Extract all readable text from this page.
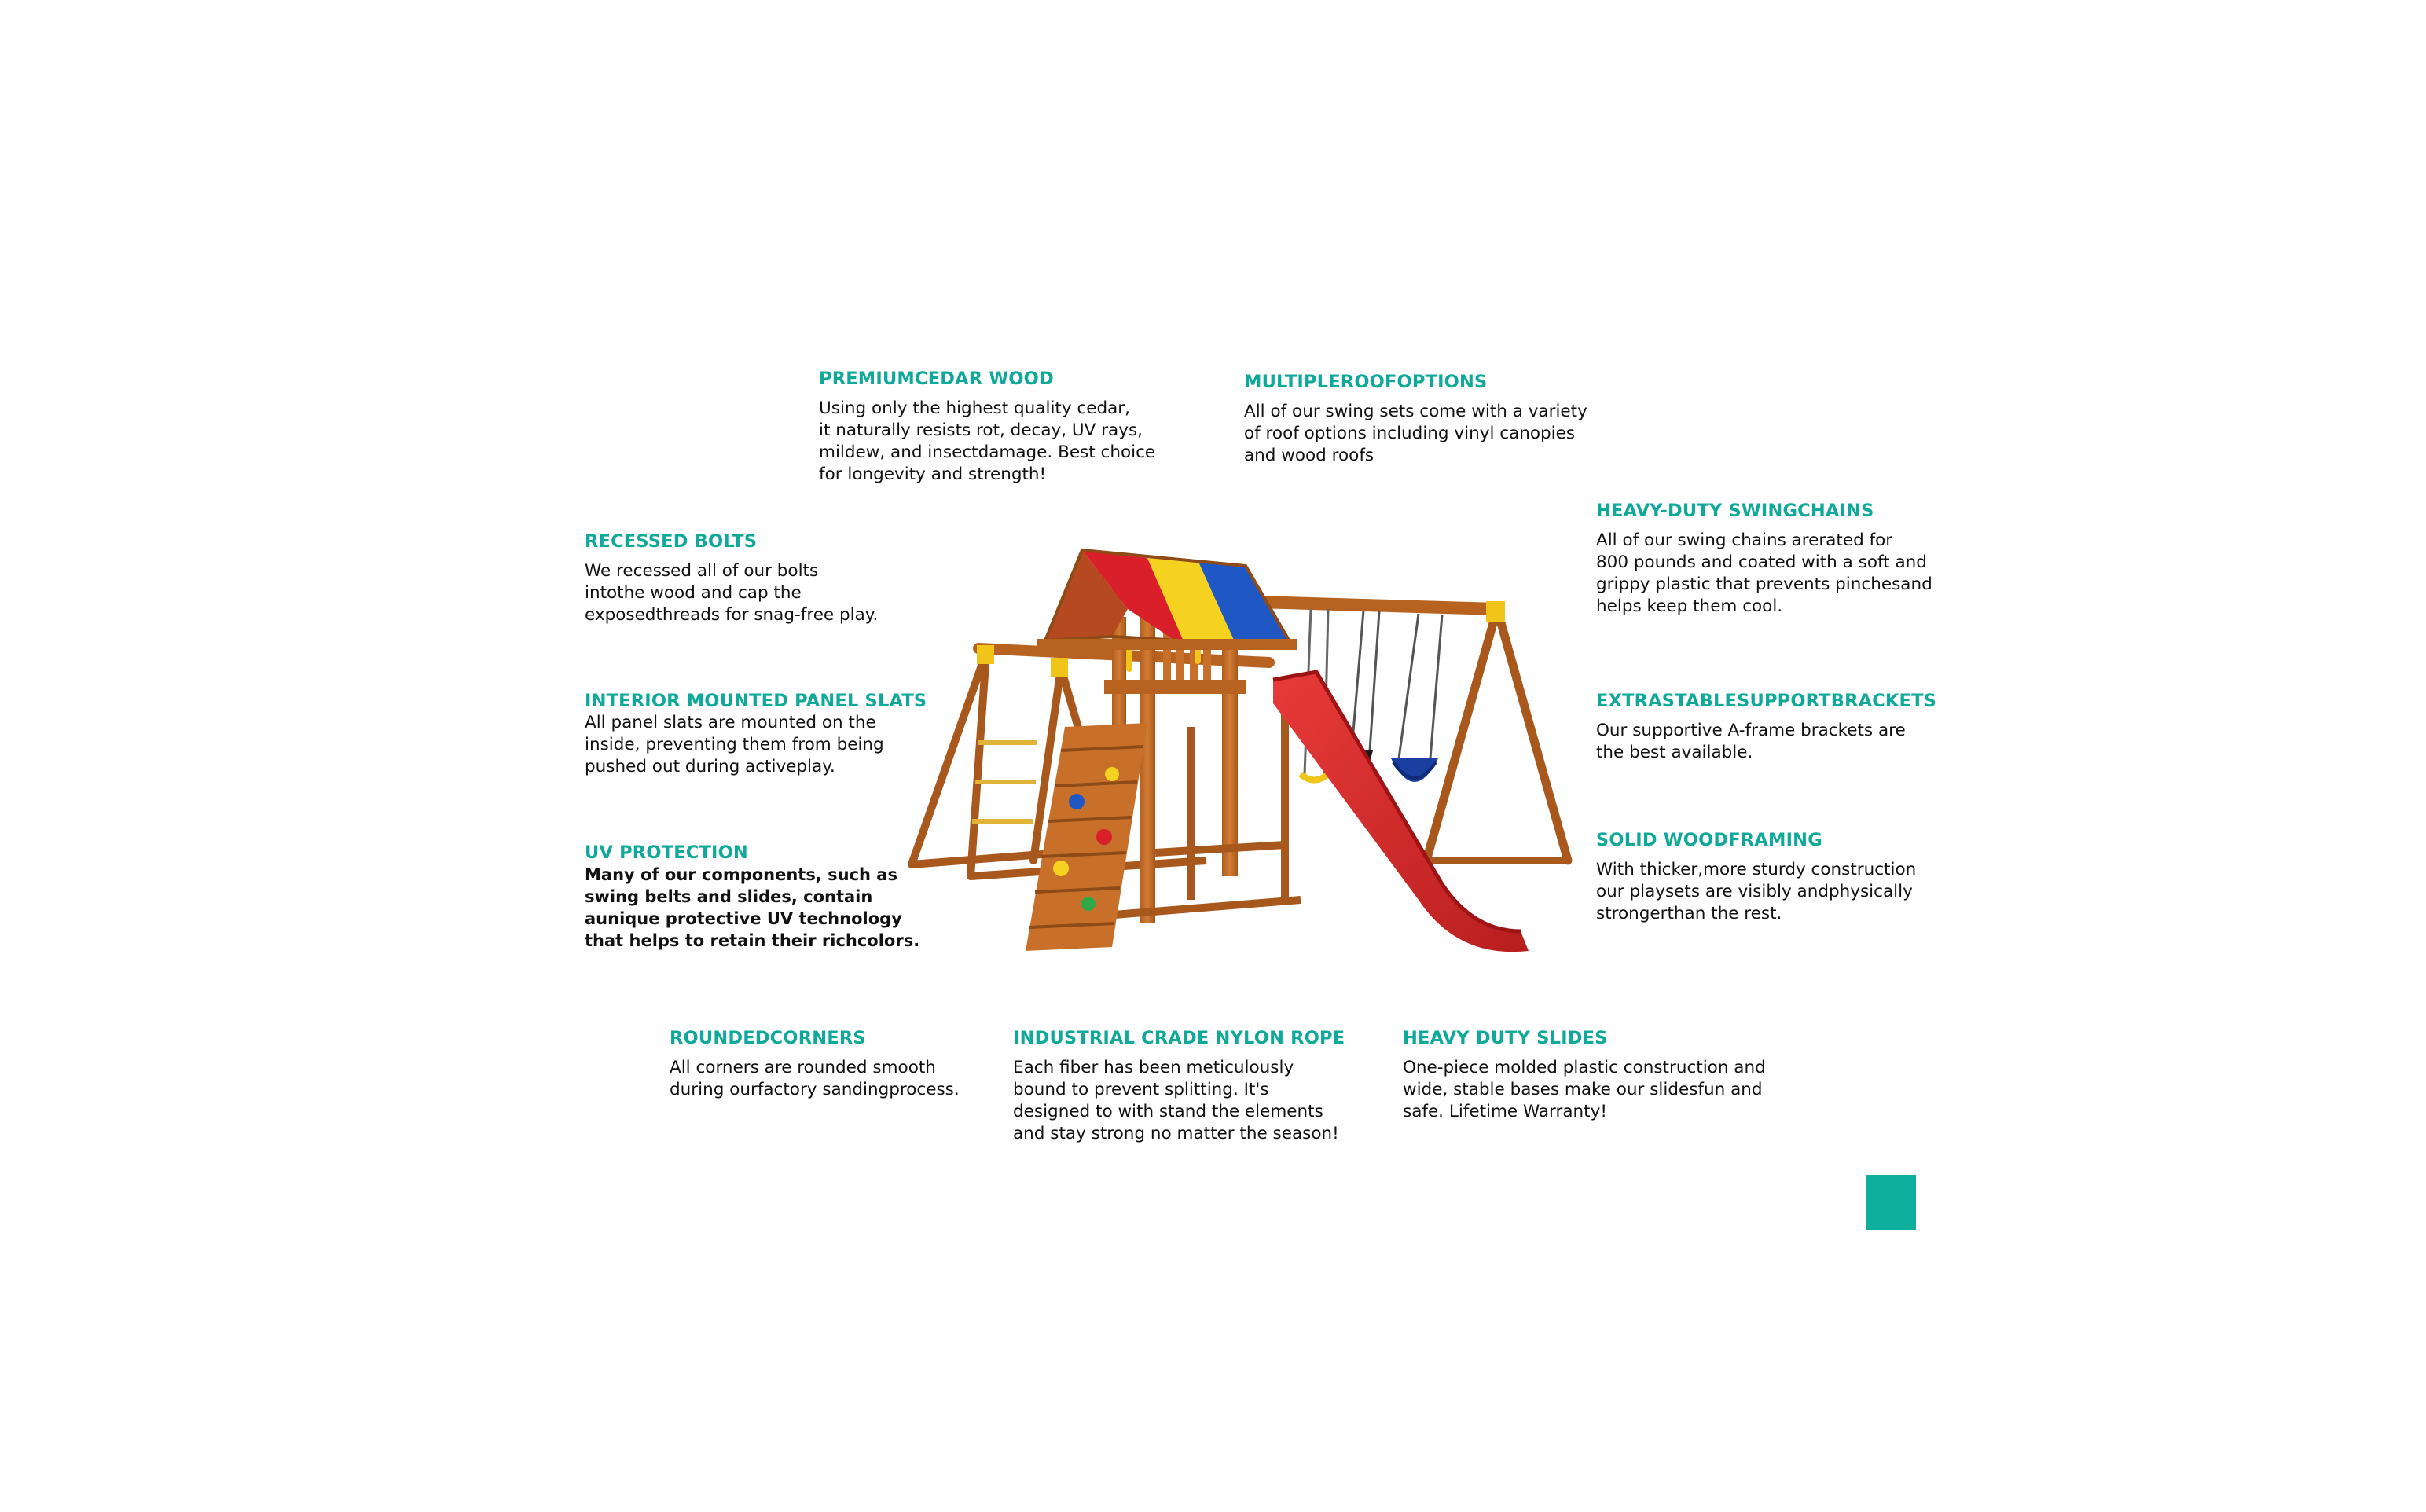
PREMIUMCEDAR WOOD

Using only the highest quality cedar,
it naturally resists rot, decay, UV rays,
mildew, and insectdamage. Best choice
for longevity and strength!

MULTIPLEROOFOPTIONS

All of our swing sets come with a variety
of roof options including vinyl canopies
and wood roofs

RECESSED BOLTS

We recessed all of our bolts
intothe wood and cap the
exposedthreads for snag-free play.

HEAVY-DUTY SWINGCHAINS

All of our swing chains arerated for
800 pounds and coated with a soft and
grippy plastic that prevents pinchesand
helps keep them cool.

INTERIOR MOUNTED PANEL SLATS

All panel slats are mounted on the
inside, preventing them from being
pushed out during activeplay.

EXTRASTABLESUPPORTBRACKETS

Our supportive A-frame brackets are
the best available.

UV PROTECTION

Many of our components, such as
swing belts and slides, contain
aunique protective UV technology
that helps to retain their richcolors.

SOLID WOODFRAMING

With thicker,more sturdy construction
our playsets are visibly andphysically
strongerthan the rest.

ROUNDEDCORNERS

All corners are rounded smooth
during ourfactory sandingprocess.

INDUSTRIAL CRADE NYLON ROPE

Each fiber has been meticulously
bound to prevent splitting. It's
designed to with stand the elements
and stay strong no matter the season!

HEAVY DUTY SLIDES

One-piece molded plastic construction and
wide, stable bases make our slidesfun and
safe. Lifetime Warranty!
